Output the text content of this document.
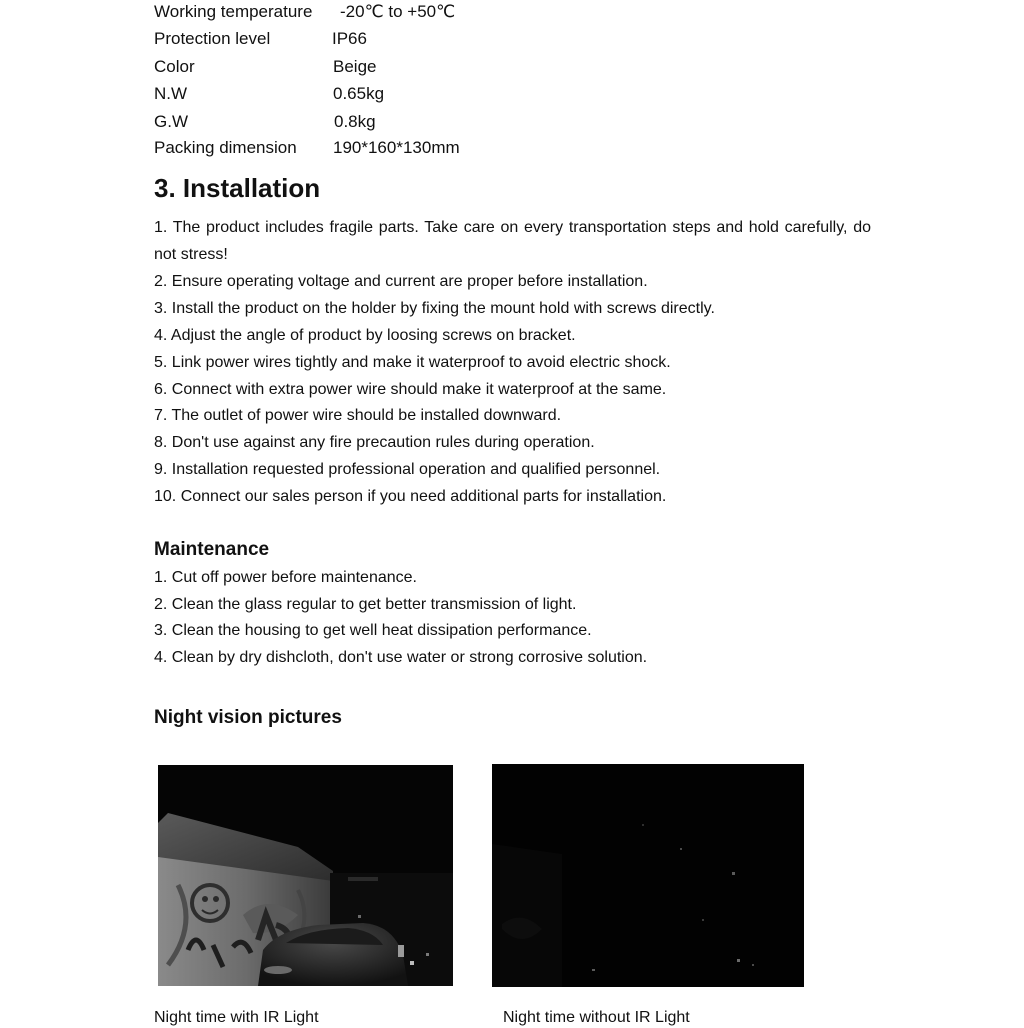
Working temperature -20℃ to +50℃
Protection level	IP66
Color	Beige
N.W	0.65kg
G.W	0.8kg
Packing dimension 190*160*130mm
3. Installation
1. The product includes fragile parts. Take care on every transportation steps and hold carefully, do not stress!
2. Ensure operating voltage and current are proper before installation.
3. Install the product on the holder by fixing the mount hold with screws directly.
4. Adjust the angle of product by loosing screws on bracket.
5. Link power wires tightly and make it waterproof to avoid electric shock.
6. Connect with extra power wire should make it waterproof at the same.
7. The outlet of power wire should be installed downward.
8. Don't use against any fire precaution rules during operation.
9. Installation requested professional operation and qualified personnel.
10. Connect our sales person if you need additional parts for installation.
Maintenance
1. Cut off power before maintenance.
2. Clean the glass regular to get better transmission of light.
3. Clean the housing to get well heat dissipation performance.
4. Clean by dry dishcloth, don't use water or strong corrosive solution.
Night vision pictures
Night time with IR Light	Night time without IR Light
